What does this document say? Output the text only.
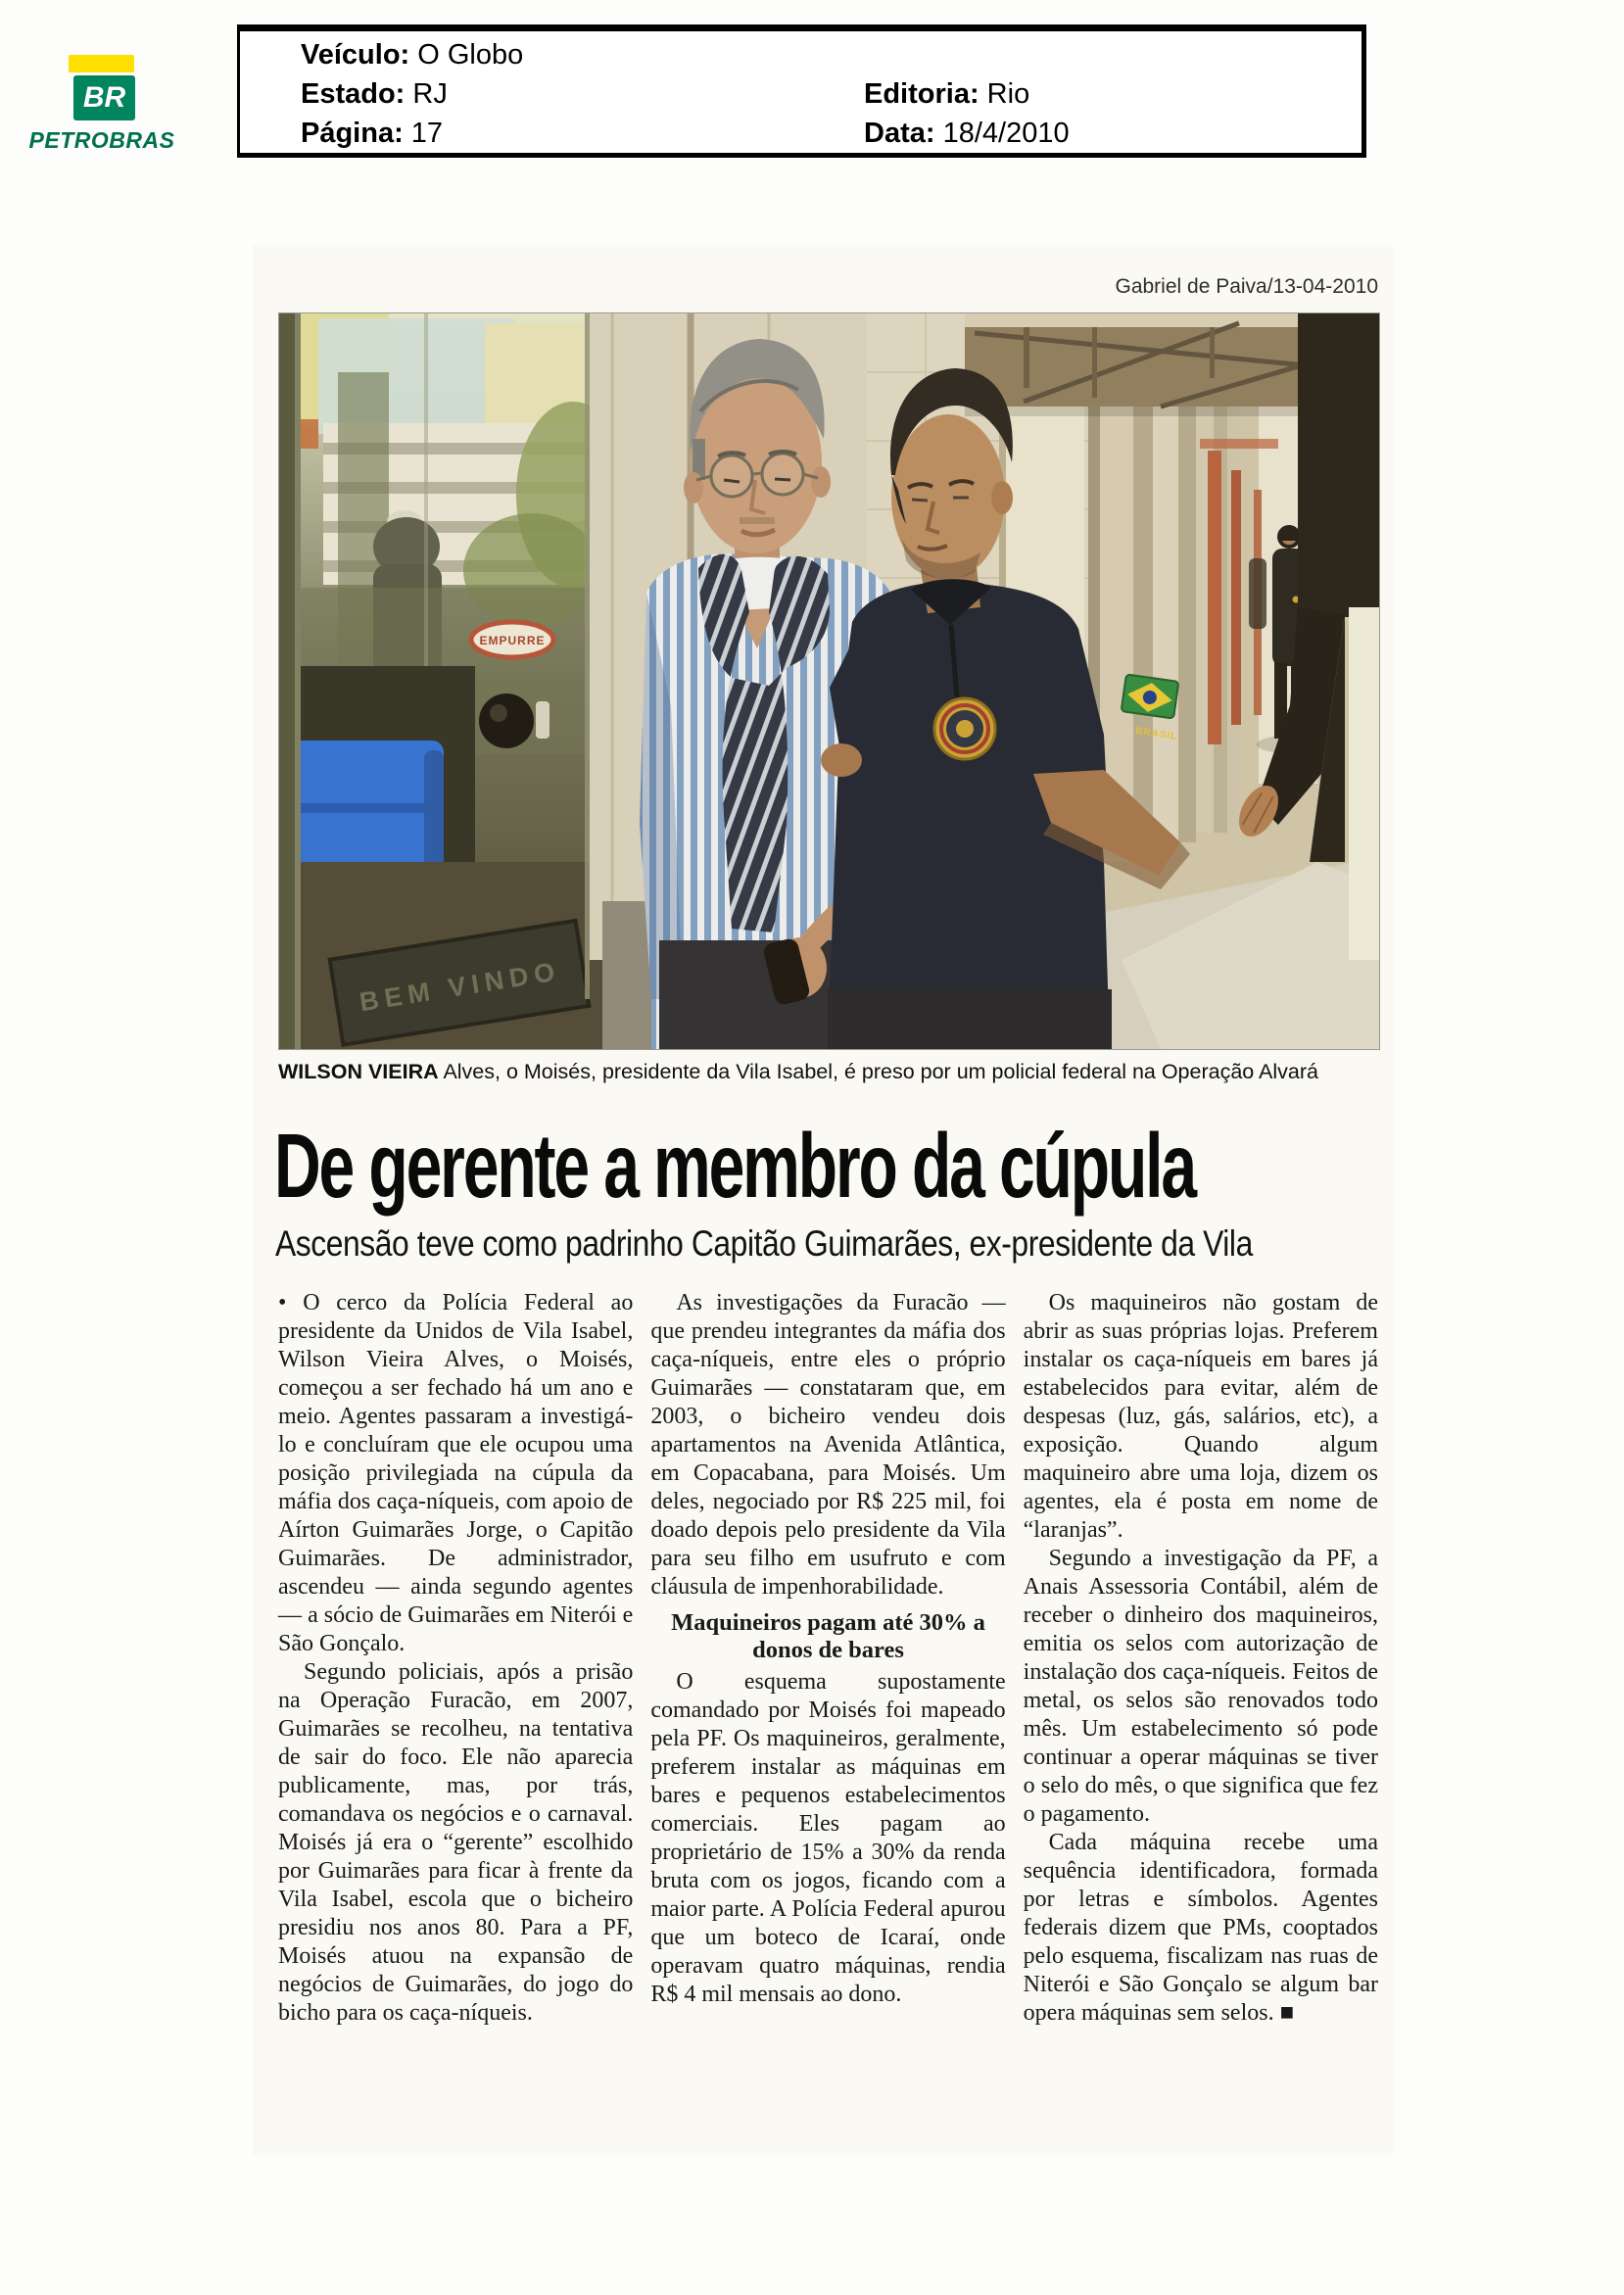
BR
PETROBRAS
Veículo: O Globo
Estado: RJ
Página: 17
Editoria: Rio
Data: 18/4/2010
Gabriel de Paiva/13-04-2010
BEM VINDO
EMPURRE
BRASIL
WILSON VIEIRA Alves, o Moisés, presidente da Vila Isabel, é preso por um policial federal na Operação Alvará
De gerente a membro da cúpula
Ascensão teve como padrinho Capitão Guimarães, ex-presidente da Vila

• O cerco da Polícia Federal ao presidente da Unidos de Vila Isabel, Wilson Vieira Alves, o Moisés, começou a ser fechado há um ano e meio. Agentes passaram a investigá-lo e concluíram que ele ocupou uma posição privilegiada na cúpula da máfia dos caça-níqueis, com apoio de Aírton Guimarães Jorge, o Capitão Guimarães. De administrador, ascendeu — ainda segundo agentes — a sócio de Guimarães em Niterói e São Gonçalo.

Segundo policiais, após a prisão na Operação Furacão, em 2007, Guimarães se recolheu, na tentativa de sair do foco. Ele não aparecia publicamente, mas, por trás, comandava os negócios e o carnaval. Moisés já era o “gerente” escolhido por Guimarães para ficar à frente da Vila Isabel, escola que o bicheiro presidiu nos anos 80. Para a PF, Moisés atuou na expansão de negócios de Guimarães, do jogo do bicho para os caça-níqueis.

As investigações da Furacão — que prendeu integrantes da máfia dos caça-níqueis, entre eles o próprio Guimarães — constataram que, em 2003, o bicheiro vendeu dois apartamentos na Avenida Atlântica, em Copacabana, para Moisés. Um deles, negociado por R$ 225 mil, foi doado depois pelo presidente da Vila para seu filho em usufruto e com cláusula de impenhorabilidade.

Maquineiros pagam até 30% a donos de bares

O esquema supostamente comandado por Moisés foi mapeado pela PF. Os maquineiros, geralmente, preferem instalar as máquinas em bares e pequenos estabelecimentos comerciais. Eles pagam ao proprietário de 15% a 30% da renda bruta com os jogos, ficando com a maior parte. A Polícia Federal apurou que um boteco de Icaraí, onde operavam quatro máquinas, rendia R$ 4 mil mensais ao dono.

Os maquineiros não gostam de abrir as suas próprias lojas. Preferem instalar os caça-níqueis em bares já estabelecidos para evitar, além de despesas (luz, gás, salários, etc), a exposição. Quando algum maquineiro abre uma loja, dizem os agentes, ela é posta em nome de “laranjas”.

Segundo a investigação da PF, a Anais Assessoria Contábil, além de receber o dinheiro dos maquineiros, emitia os selos com autorização de instalação dos caça-níqueis. Feitos de metal, os selos são renovados todo mês. Um estabelecimento só pode continuar a operar máquinas se tiver o selo do mês, o que significa que fez o pagamento.

Cada máquina recebe uma sequência identificadora, formada por letras e símbolos. Agentes federais dizem que PMs, cooptados pelo esquema, fiscalizam nas ruas de Niterói e São Gonçalo se algum bar opera máquinas sem selos. ■
